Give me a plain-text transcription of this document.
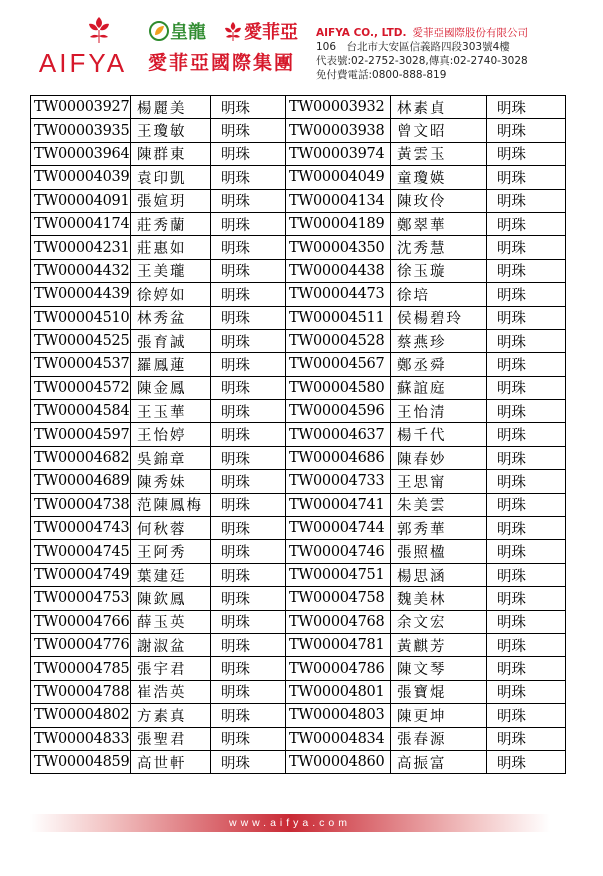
AIFYA
皇龍 愛菲亞
愛菲亞國際集團
AIFYA CO., LTD. 愛菲亞國際股份有限公司
106　台北市大安區信義路四段303號4樓
代表號:02-2752-3028,傳真:02-2740-3028
免付費電話:0800-888-819
TW00003927	楊麗美	明珠	TW00003932	林素貞	明珠
TW00003935	王瓊敏	明珠	TW00003938	曾文昭	明珠
TW00003964	陳群東	明珠	TW00003974	黃雲玉	明珠
TW00004039	袁印凱	明珠	TW00004049	童瓊媖	明珠
TW00004091	張媗玥	明珠	TW00004134	陳玫伶	明珠
TW00004174	莊秀蘭	明珠	TW00004189	鄭翠華	明珠
TW00004231	莊惠如	明珠	TW00004350	沈秀慧	明珠
TW00004432	王美瓏	明珠	TW00004438	徐玉璇	明珠
TW00004439	徐婷如	明珠	TW00004473	徐培	明珠
TW00004510	林秀盆	明珠	TW00004511	侯楊碧玲	明珠
TW00004525	張育誠	明珠	TW00004528	蔡燕珍	明珠
TW00004537	羅鳳蓮	明珠	TW00004567	鄭丞舜	明珠
TW00004572	陳金鳳	明珠	TW00004580	蘇誼庭	明珠
TW00004584	王玉華	明珠	TW00004596	王怡清	明珠
TW00004597	王怡婷	明珠	TW00004637	楊千代	明珠
TW00004682	吳錦章	明珠	TW00004686	陳春妙	明珠
TW00004689	陳秀妹	明珠	TW00004733	王思甯	明珠
TW00004738	范陳鳳梅	明珠	TW00004741	朱美雲	明珠
TW00004743	何秋蓉	明珠	TW00004744	郭秀華	明珠
TW00004745	王阿秀	明珠	TW00004746	張照楹	明珠
TW00004749	葉建廷	明珠	TW00004751	楊思涵	明珠
TW00004753	陳欽鳳	明珠	TW00004758	魏美林	明珠
TW00004766	薛玉英	明珠	TW00004768	余文宏	明珠
TW00004776	謝淑盆	明珠	TW00004781	黃麒芳	明珠
TW00004785	張宇君	明珠	TW00004786	陳文琴	明珠
TW00004788	崔浩英	明珠	TW00004801	張寶焜	明珠
TW00004802	方素真	明珠	TW00004803	陳更坤	明珠
TW00004833	張聖君	明珠	TW00004834	張春源	明珠
TW00004859	高世軒	明珠	TW00004860	高振富	明珠
www.aifya.com
